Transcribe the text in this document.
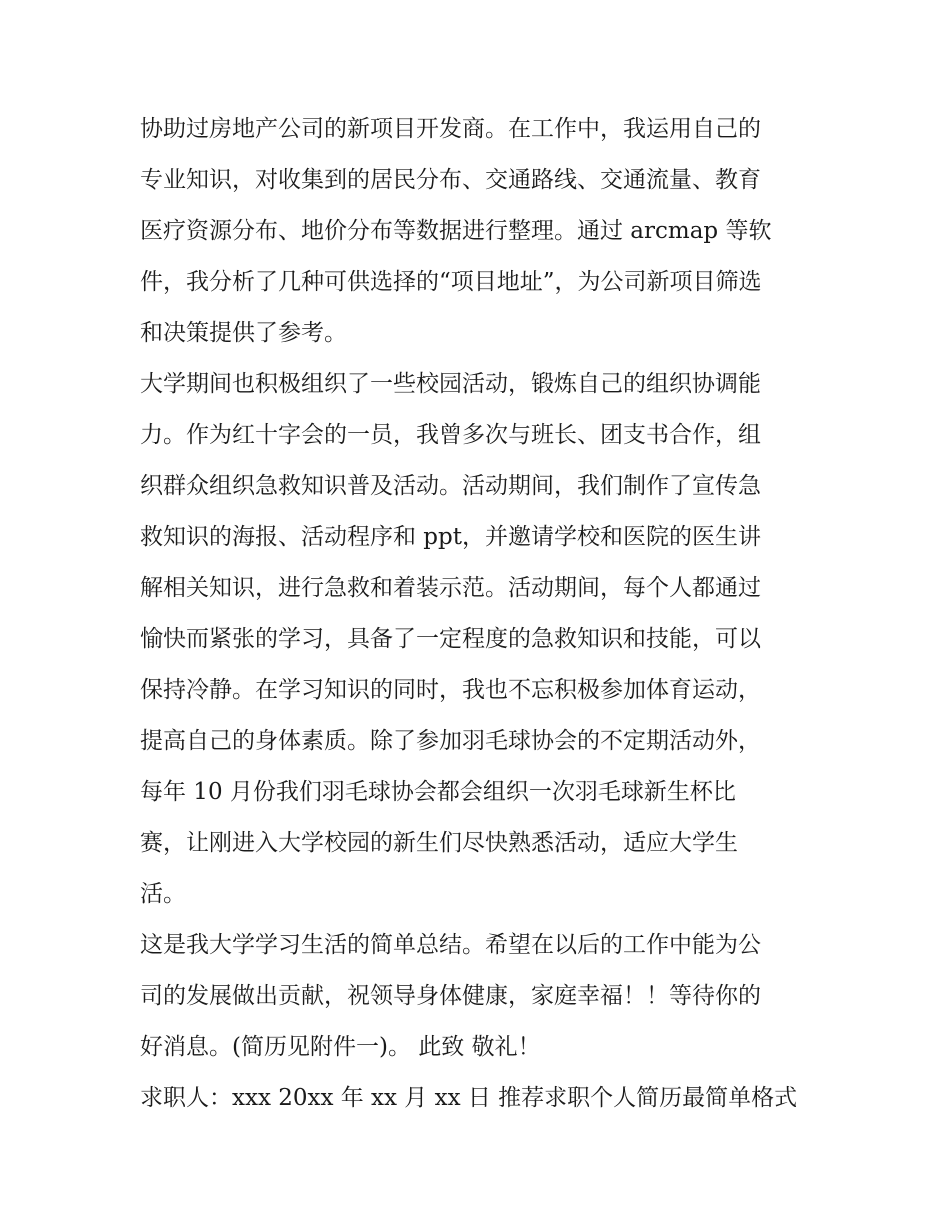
协助过房地产公司的新项目开发商。在工作中，我运用自己的
专业知识，对收集到的居民分布、交通路线、交通流量、教育
医疗资源分布、地价分布等数据进行整理。通过 arcmap 等软
件，我分析了几种可供选择的“项目地址”，为公司新项目筛选
和决策提供了参考。
大学期间也积极组织了一些校园活动，锻炼自己的组织协调能
力。作为红十字会的一员，我曾多次与班长、团支书合作，组
织群众组织急救知识普及活动。活动期间，我们制作了宣传急
救知识的海报、活动程序和 ppt，并邀请学校和医院的医生讲
解相关知识，进行急救和着装示范。活动期间，每个人都通过
愉快而紧张的学习，具备了一定程度的急救知识和技能，可以
保持冷静。在学习知识的同时，我也不忘积极参加体育运动，
提高自己的身体素质。除了参加羽毛球协会的不定期活动外，
每年 10 月份我们羽毛球协会都会组织一次羽毛球新生杯比
赛，让刚进入大学校园的新生们尽快熟悉活动，适应大学生
活。
这是我大学学习生活的简单总结。希望在以后的工作中能为公
司的发展做出贡献，祝领导身体健康，家庭幸福！！等待你的
好消息。(简历见附件一)。 此致 敬礼！
求职人：xxx 20xx 年 xx 月 xx 日 推荐求职个人简历最简单格式
